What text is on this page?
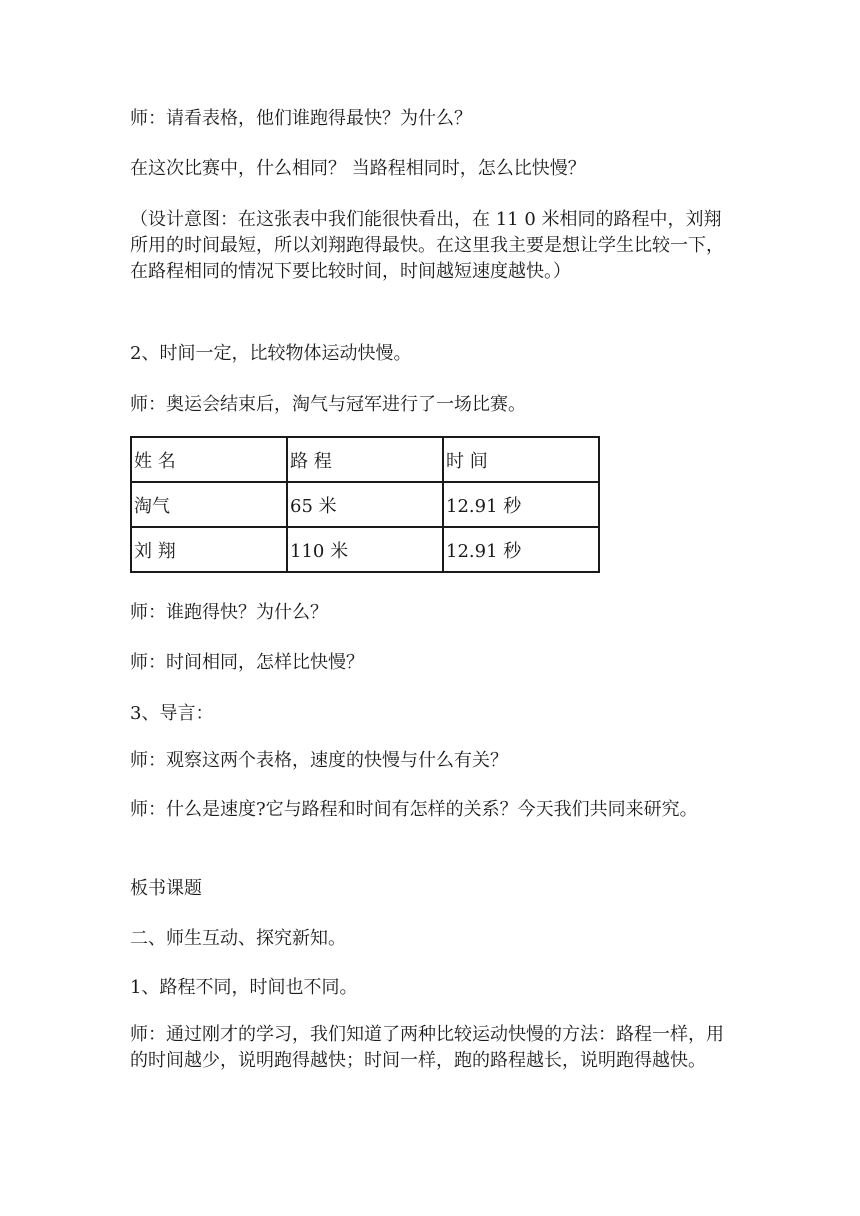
师：请看表格，他们谁跑得最快？为什么？

在这次比赛中，什么相同？ 当路程相同时，怎么比快慢？

（设计意图：在这张表中我们能很快看出，在 11 0 米相同的路程中，刘翔所用的时间最短，所以刘翔跑得最快。在这里我主要是想让学生比较一下，在路程相同的情况下要比较时间，时间越短速度越快。）

2、时间一定，比较物体运动快慢。

师：奥运会结束后，淘气与冠军进行了一场比赛。

姓 名	路 程	时 间
淘气	65 米	12.91 秒
刘 翔	110 米	12.91 秒

师：谁跑得快？为什么？

师：时间相同，怎样比快慢？

3、导言：

师：观察这两个表格，速度的快慢与什么有关？

师：什么是速度?它与路程和时间有怎样的关系？今天我们共同来研究。

板书课题

二、师生互动、探究新知。

1、路程不同，时间也不同。

师：通过刚才的学习，我们知道了两种比较运动快慢的方法：路程一样，用的时间越少，说明跑得越快；时间一样，跑的路程越长，说明跑得越快。
